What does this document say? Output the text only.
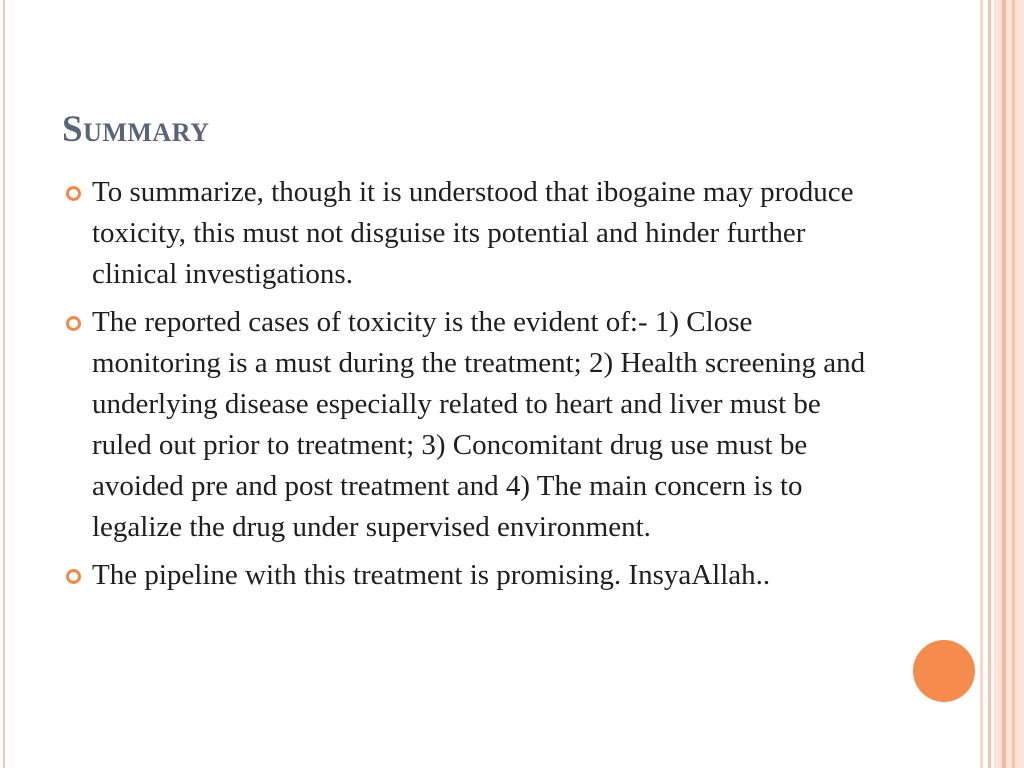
Summary
To summarize, though it is understood that ibogaine may produce toxicity, this must not disguise its potential and hinder further clinical investigations.
The reported cases of toxicity is the evident of:- 1) Close monitoring is a must during the treatment; 2) Health screening and underlying disease especially related to heart and liver must be ruled out prior to treatment; 3) Concomitant drug use must be avoided pre and post treatment and 4) The main concern is to legalize the drug under supervised environment.
The pipeline with this treatment is promising. InsyaAllah..
